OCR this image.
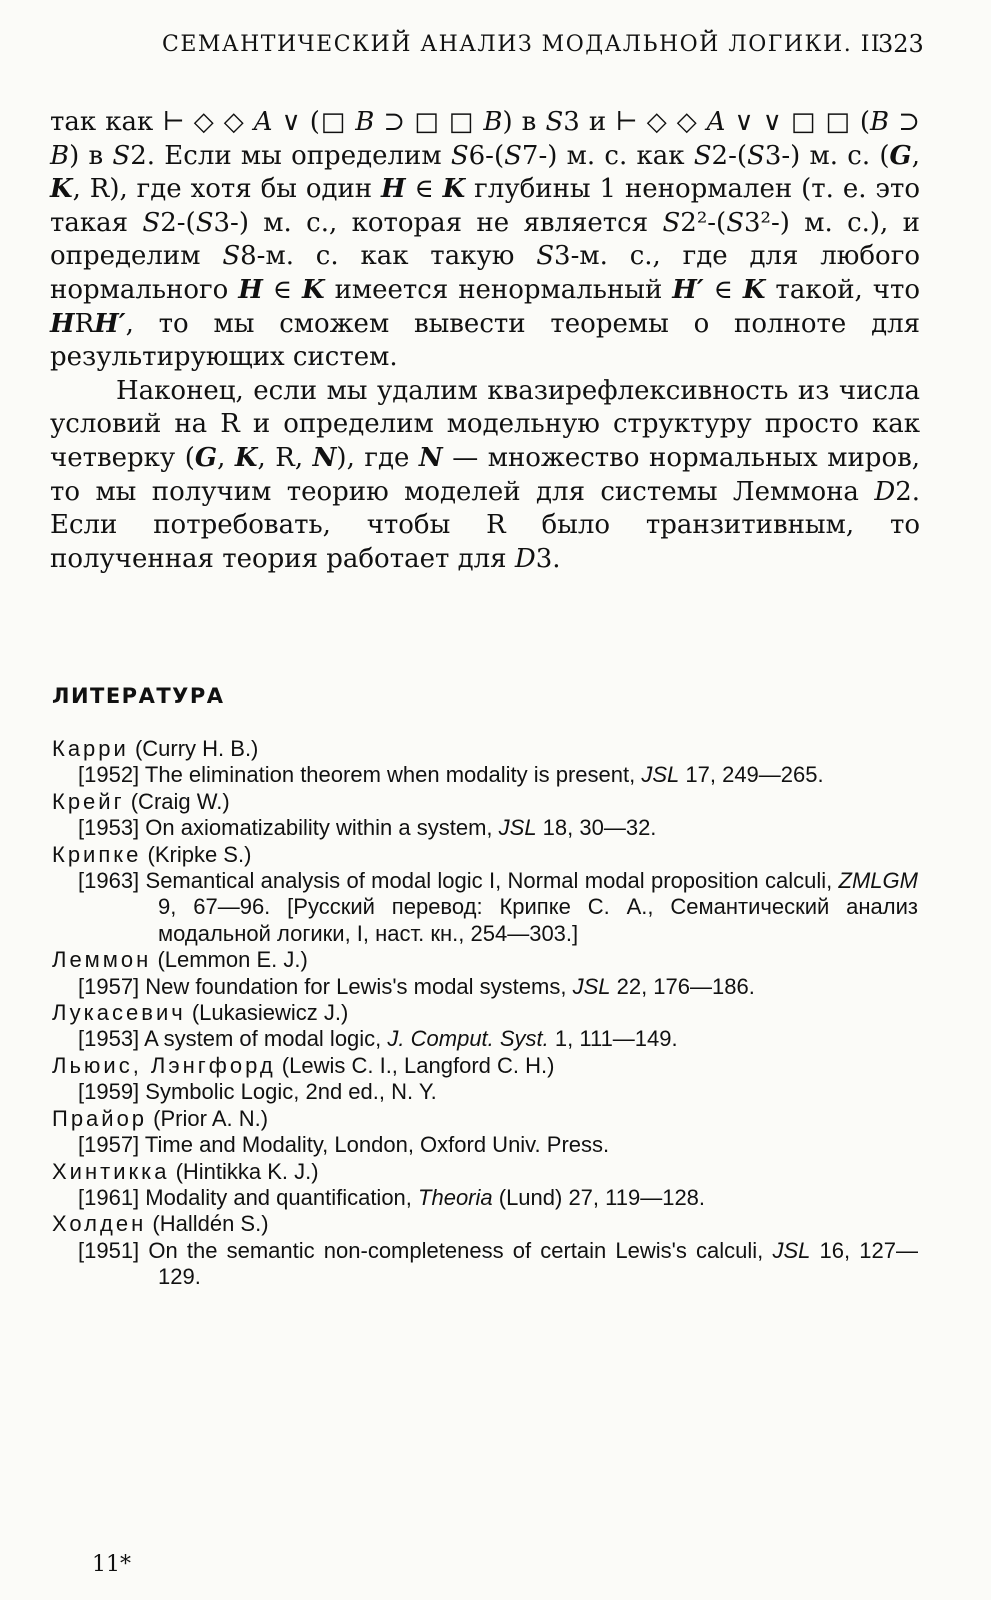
СЕМАНТИЧЕСКИЙ АНАЛИЗ МОДАЛЬНОЙ ЛОГИКИ. II
323

так как ⊢ ◇ ◇ A ∨ (□ B ⊃ □ □ B) в S3 и ⊢ ◇ ◇ A ∨ ∨ □ □ (B ⊃ B) в S2. Если мы определим S6-(S7-) м. с. как S2-(S3-) м. с. (G, K, R), где хотя бы один H ∈ K глубины 1 ненормален (т. е. это такая S2-(S3-) м. с., которая не является S2²-(S3²-) м. с.), и определим S8-м. с. как такую S3-м. с., где для любого нормального H ∈ K имеется ненормальный H′ ∈ K такой, что HRH′, то мы сможем вывести теоремы о полноте для результирующих систем.

Наконец, если мы удалим квазирефлексивность из числа условий на R и определим модельную структуру просто как четверку (G, K, R, N), где N — множество нормальных миров, то мы получим теорию моделей для системы Леммона D2. Если потребовать, чтобы R было транзитивным, то полученная теория работает для D3.

ЛИТЕРАТУРА
Карри (Curry H. B.)
[1952] The elimination theorem when modality is present, JSL 17, 249—265.
Крейг (Craig W.)
[1953] On axiomatizability within a system, JSL 18, 30—32.
Крипке (Kripke S.)
[1963] Semantical analysis of modal logic I, Normal modal proposition calculi, ZMLGM 9, 67—96. [Русский перевод: Крипке С. А., Семантический анализ модальной логики, I, наст. кн., 254—303.]
Леммон (Lemmon E. J.)
[1957] New foundation for Lewis's modal systems, JSL 22, 176—186.
Лукасевич (Lukasiewicz J.)
[1953] A system of modal logic, J. Comput. Syst. 1, 111—149.
Льюис, Лэнгфорд (Lewis C. I., Langford C. H.)
[1959] Symbolic Logic, 2nd ed., N. Y.
Прайор (Prior A. N.)
[1957] Time and Modality, London, Oxford Univ. Press.
Хинтикка (Hintikka K. J.)
[1961] Modality and quantification, Theoria (Lund) 27, 119—128.
Холден (Halldén S.)
[1951] On the semantic non-completeness of certain Lewis's calculi, JSL 16, 127—129.
11*
